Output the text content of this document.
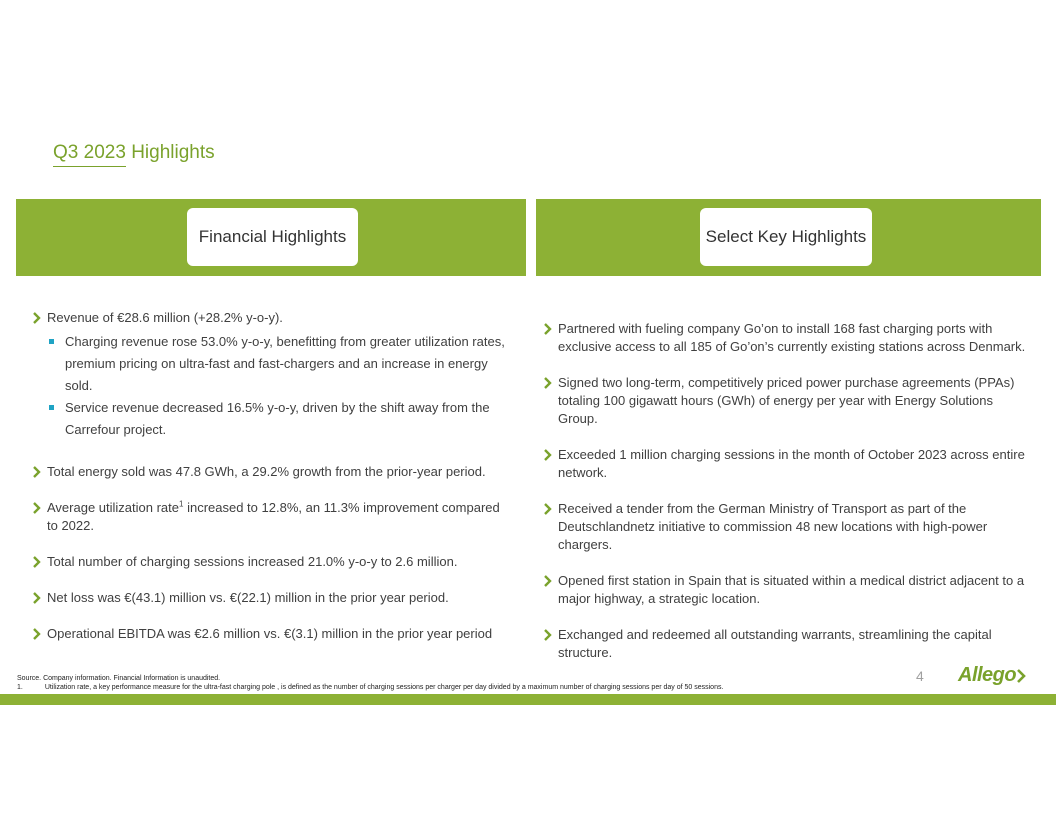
Q3 2023 Highlights
Financial Highlights	Select Key Highlights
Revenue of €28.6 million (+28.2% y-o-y).
Charging revenue rose 53.0% y-o-y, benefitting from greater utilization rates, premium pricing on ultra-fast and fast-chargers and an increase in energy sold.
Service revenue decreased 16.5% y-o-y, driven by the shift away from the Carrefour project.
Total energy sold was 47.8 GWh, a 29.2% growth from the prior-year period.
Average utilization rate$^1$ increased to 12.8%, an 11.3% improvement compared to 2022.
Total number of charging sessions increased 21.0% y-o-y to 2.6 million.
Net loss was €(43.1) million vs. €(22.1) million in the prior year period.
Operational EBITDA was €2.6 million vs. €(3.1) million in the prior year period
Partnered with fueling company Go’on to install 168 fast charging ports with exclusive access to all 185 of Go’on’s currently existing stations across Denmark.
Signed two long-term, competitively priced power purchase agreements (PPAs) totaling 100 gigawatt hours (GWh) of energy per year with Energy Solutions Group.
Exceeded 1 million charging sessions in the month of October 2023 across entire network.
Received a tender from the German Ministry of Transport as part of the Deutschlandnetz initiative to commission 48 new locations with high-power chargers.
Opened first station in Spain that is situated within a medical district adjacent to a major highway, a strategic location.
Exchanged and redeemed all outstanding warrants, streamlining the capital structure.
Source. Company information. Financial Information is unaudited.
1.	Utilization rate, a key performance measure for the ultra-fast charging pole , is defined as the number of charging sessions per charger per day divided by a maximum number of charging sessions per day of 50 sessions.
4 Allego
